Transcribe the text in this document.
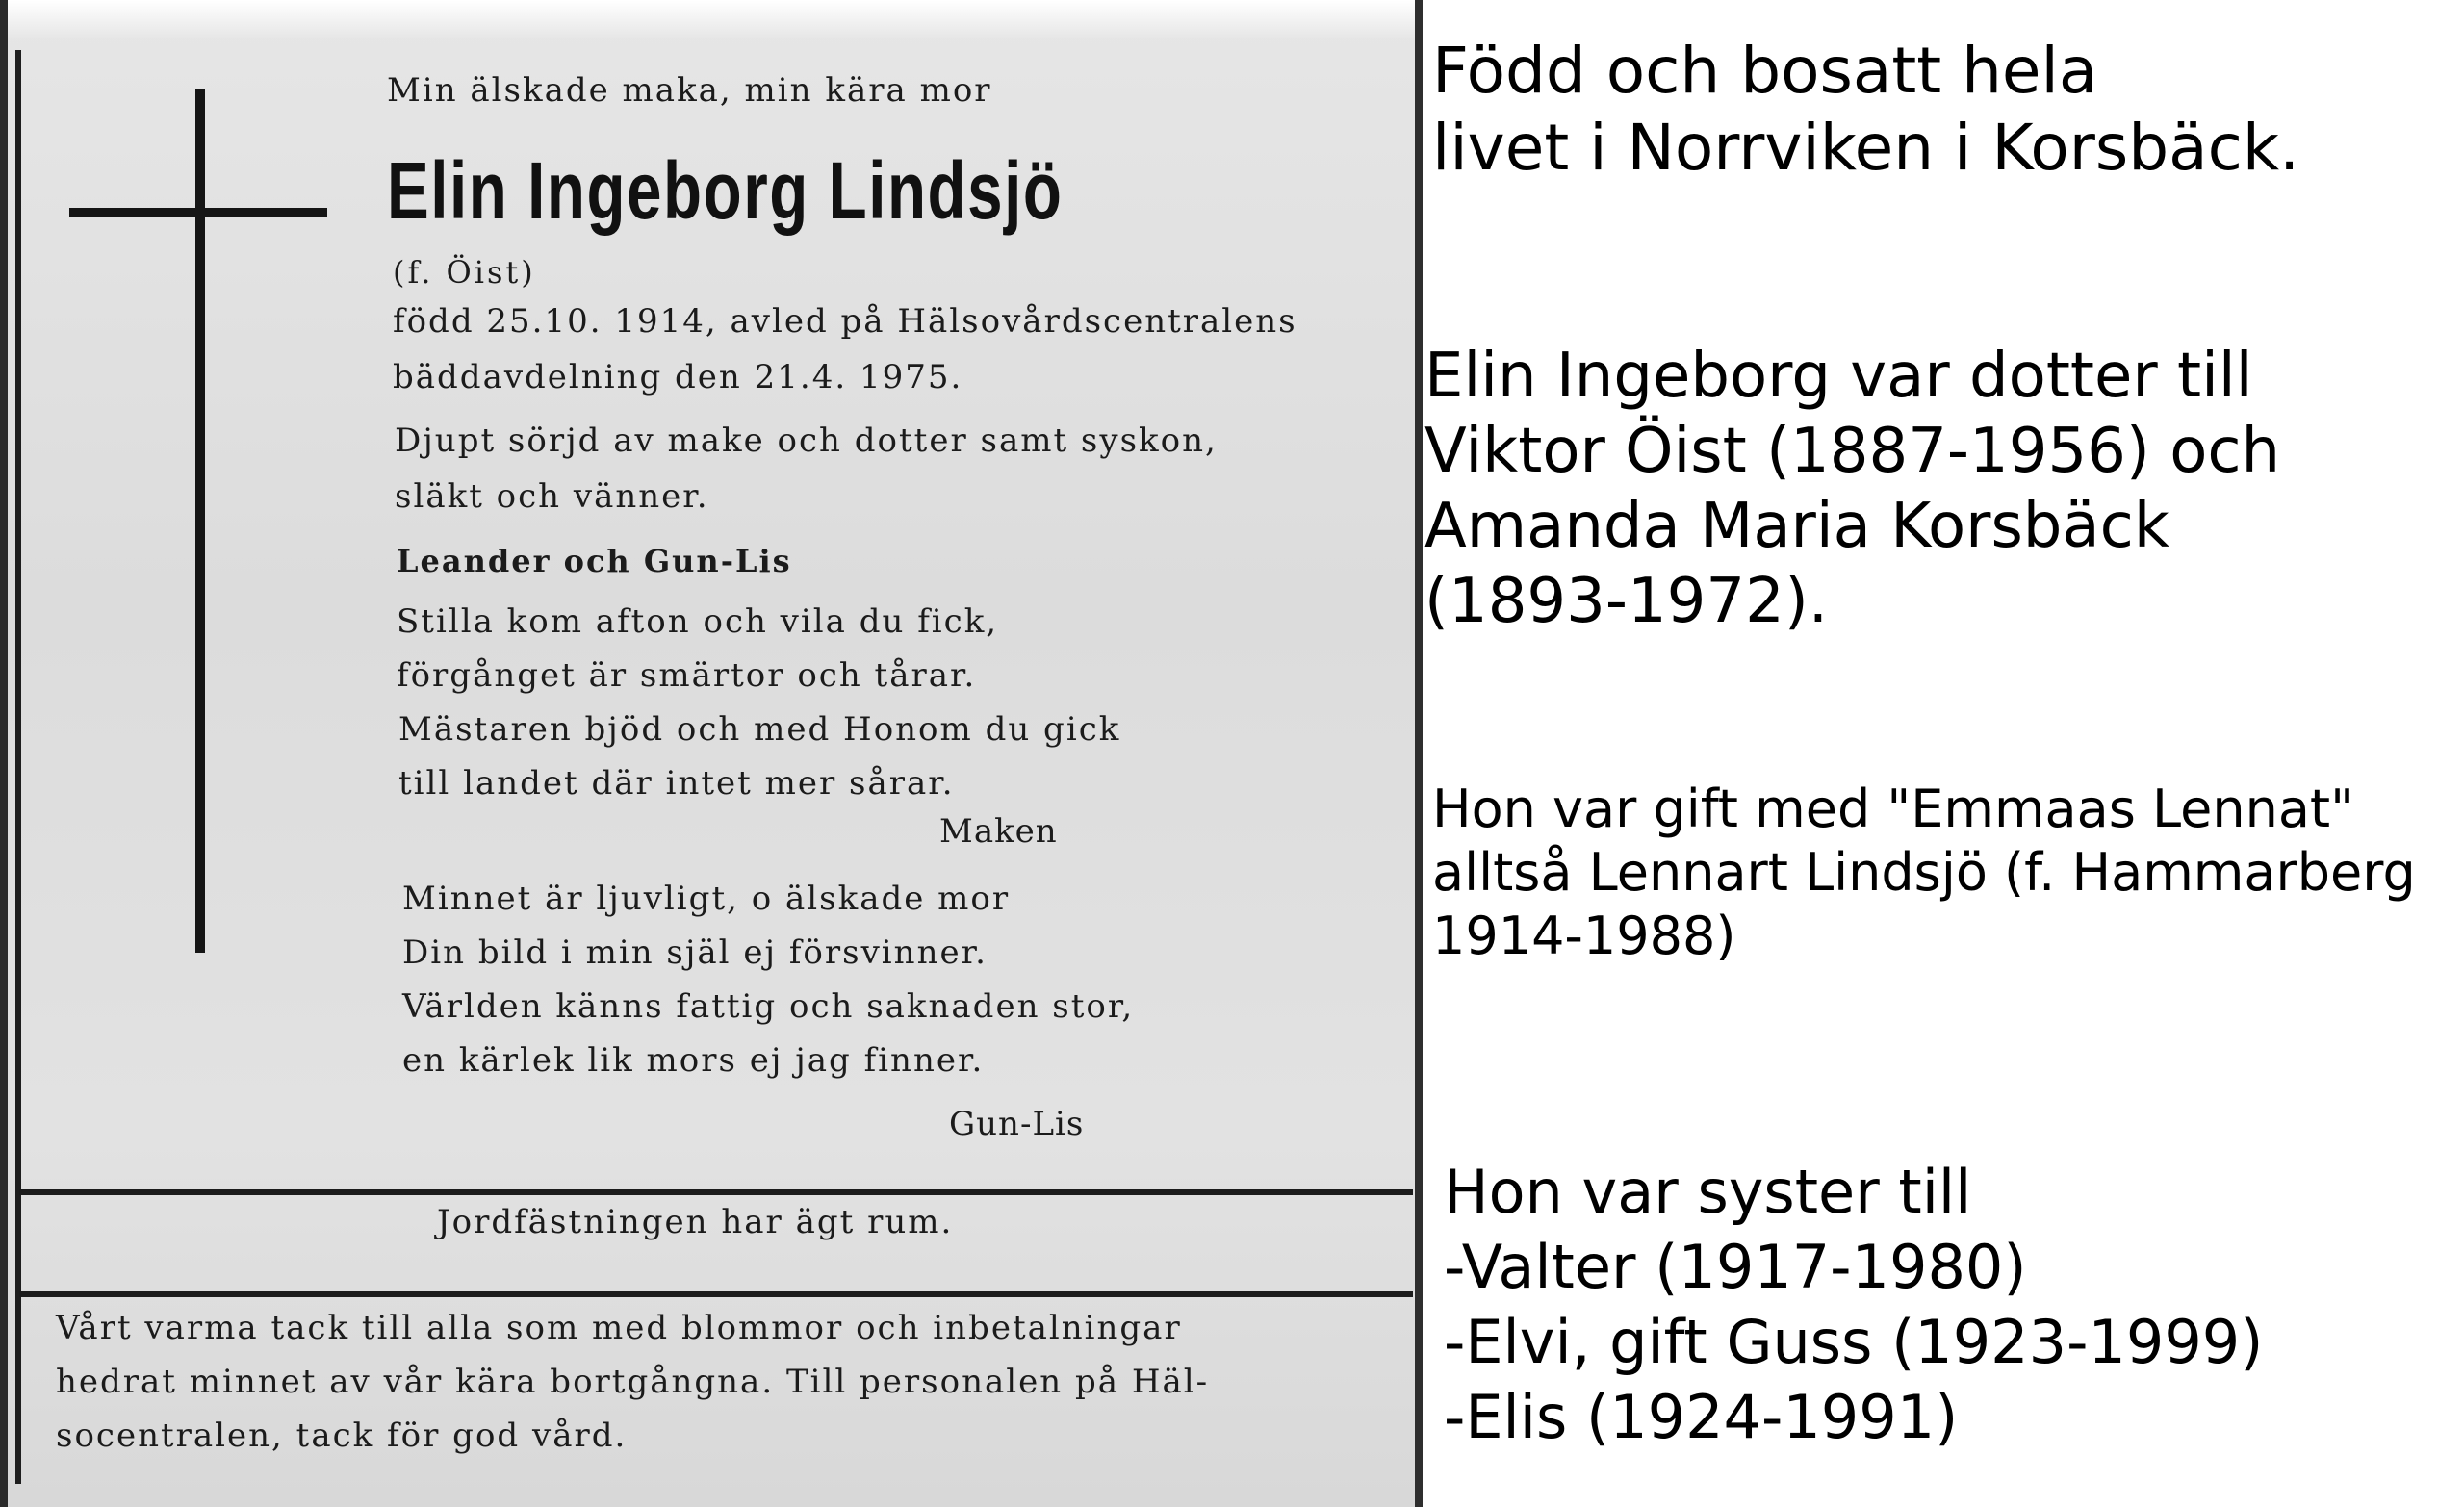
Min älskade maka, min kära mor
Elin Ingeborg Lindsjö
(f. Öist)
född 25.10. 1914, avled på Hälsovårdscentralens
bäddavdelning den 21.4. 1975.
Djupt sörjd av make och dotter samt syskon,
släkt och vänner.
Leander och Gun-Lis
Stilla kom afton och vila du fick,
förgånget är smärtor och tårar.
Mästaren bjöd och med Honom du gick
till landet där intet mer sårar.
Maken
Minnet är ljuvligt, o älskade mor
Din bild i min själ ej försvinner.
Världen känns fattig och saknaden stor,
en kärlek lik mors ej jag finner.
Gun-Lis
Jordfästningen har ägt rum.
Vårt varma tack till alla som med blommor och inbetalningar
hedrat minnet av vår kära bortgångna. Till personalen på Häl-
socentralen, tack för god vård.
Född och bosatt hela
livet i Norrviken i Korsbäck.
Elin Ingeborg var dotter till
Viktor Öist (1887-1956) och
Amanda Maria Korsbäck
(1893-1972).
Hon var gift med "Emmaas Lennat"
alltså Lennart Lindsjö (f. Hammarberg
1914-1988)
Hon var syster till
-Valter (1917-1980)
-Elvi, gift Guss (1923-1999)
-Elis (1924-1991)
